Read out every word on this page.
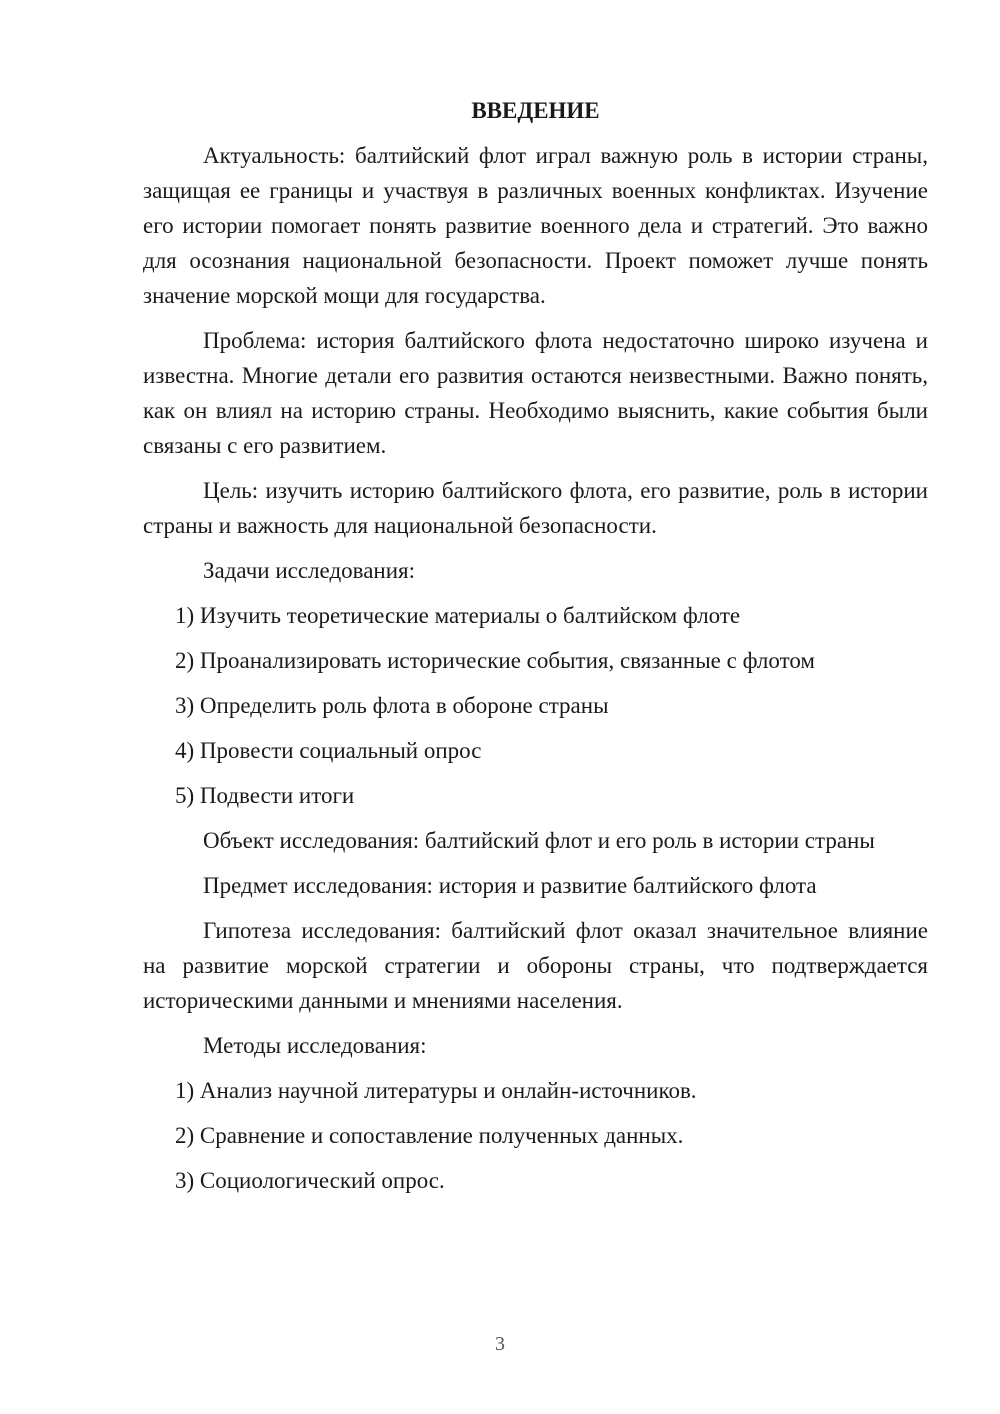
ВВЕДЕНИЕ

Актуальность: балтийский флот играл важную роль в истории страны, защищая ее границы и участвуя в различных военных конфликтах. Изучение его истории помогает понять развитие военного дела и стратегий. Это важно для осознания национальной безопасности. Проект поможет лучше понять значение морской мощи для государства.

Проблема: история балтийского флота недостаточно широко изучена и известна. Многие детали его развития остаются неизвестными. Важно понять, как он влиял на историю страны. Необходимо выяснить, какие события были связаны с его развитием.

Цель: изучить историю балтийского флота, его развитие, роль в истории страны и важность для национальной безопасности.

Задачи исследования:

1) Изучить теоретические материалы о балтийском флоте
2) Проанализировать исторические события, связанные с флотом
3) Определить роль флота в обороне страны
4) Провести социальный опрос
5) Подвести итоги

Объект исследования: балтийский флот и его роль в истории страны

Предмет исследования: история и развитие балтийского флота

Гипотеза исследования: балтийский флот оказал значительное влияние на развитие морской стратегии и обороны страны, что подтверждается историческими данными и мнениями населения.

Методы исследования:

1) Анализ научной литературы и онлайн-источников.
2) Сравнение и сопоставление полученных данных.
3) Социологический опрос.
3
